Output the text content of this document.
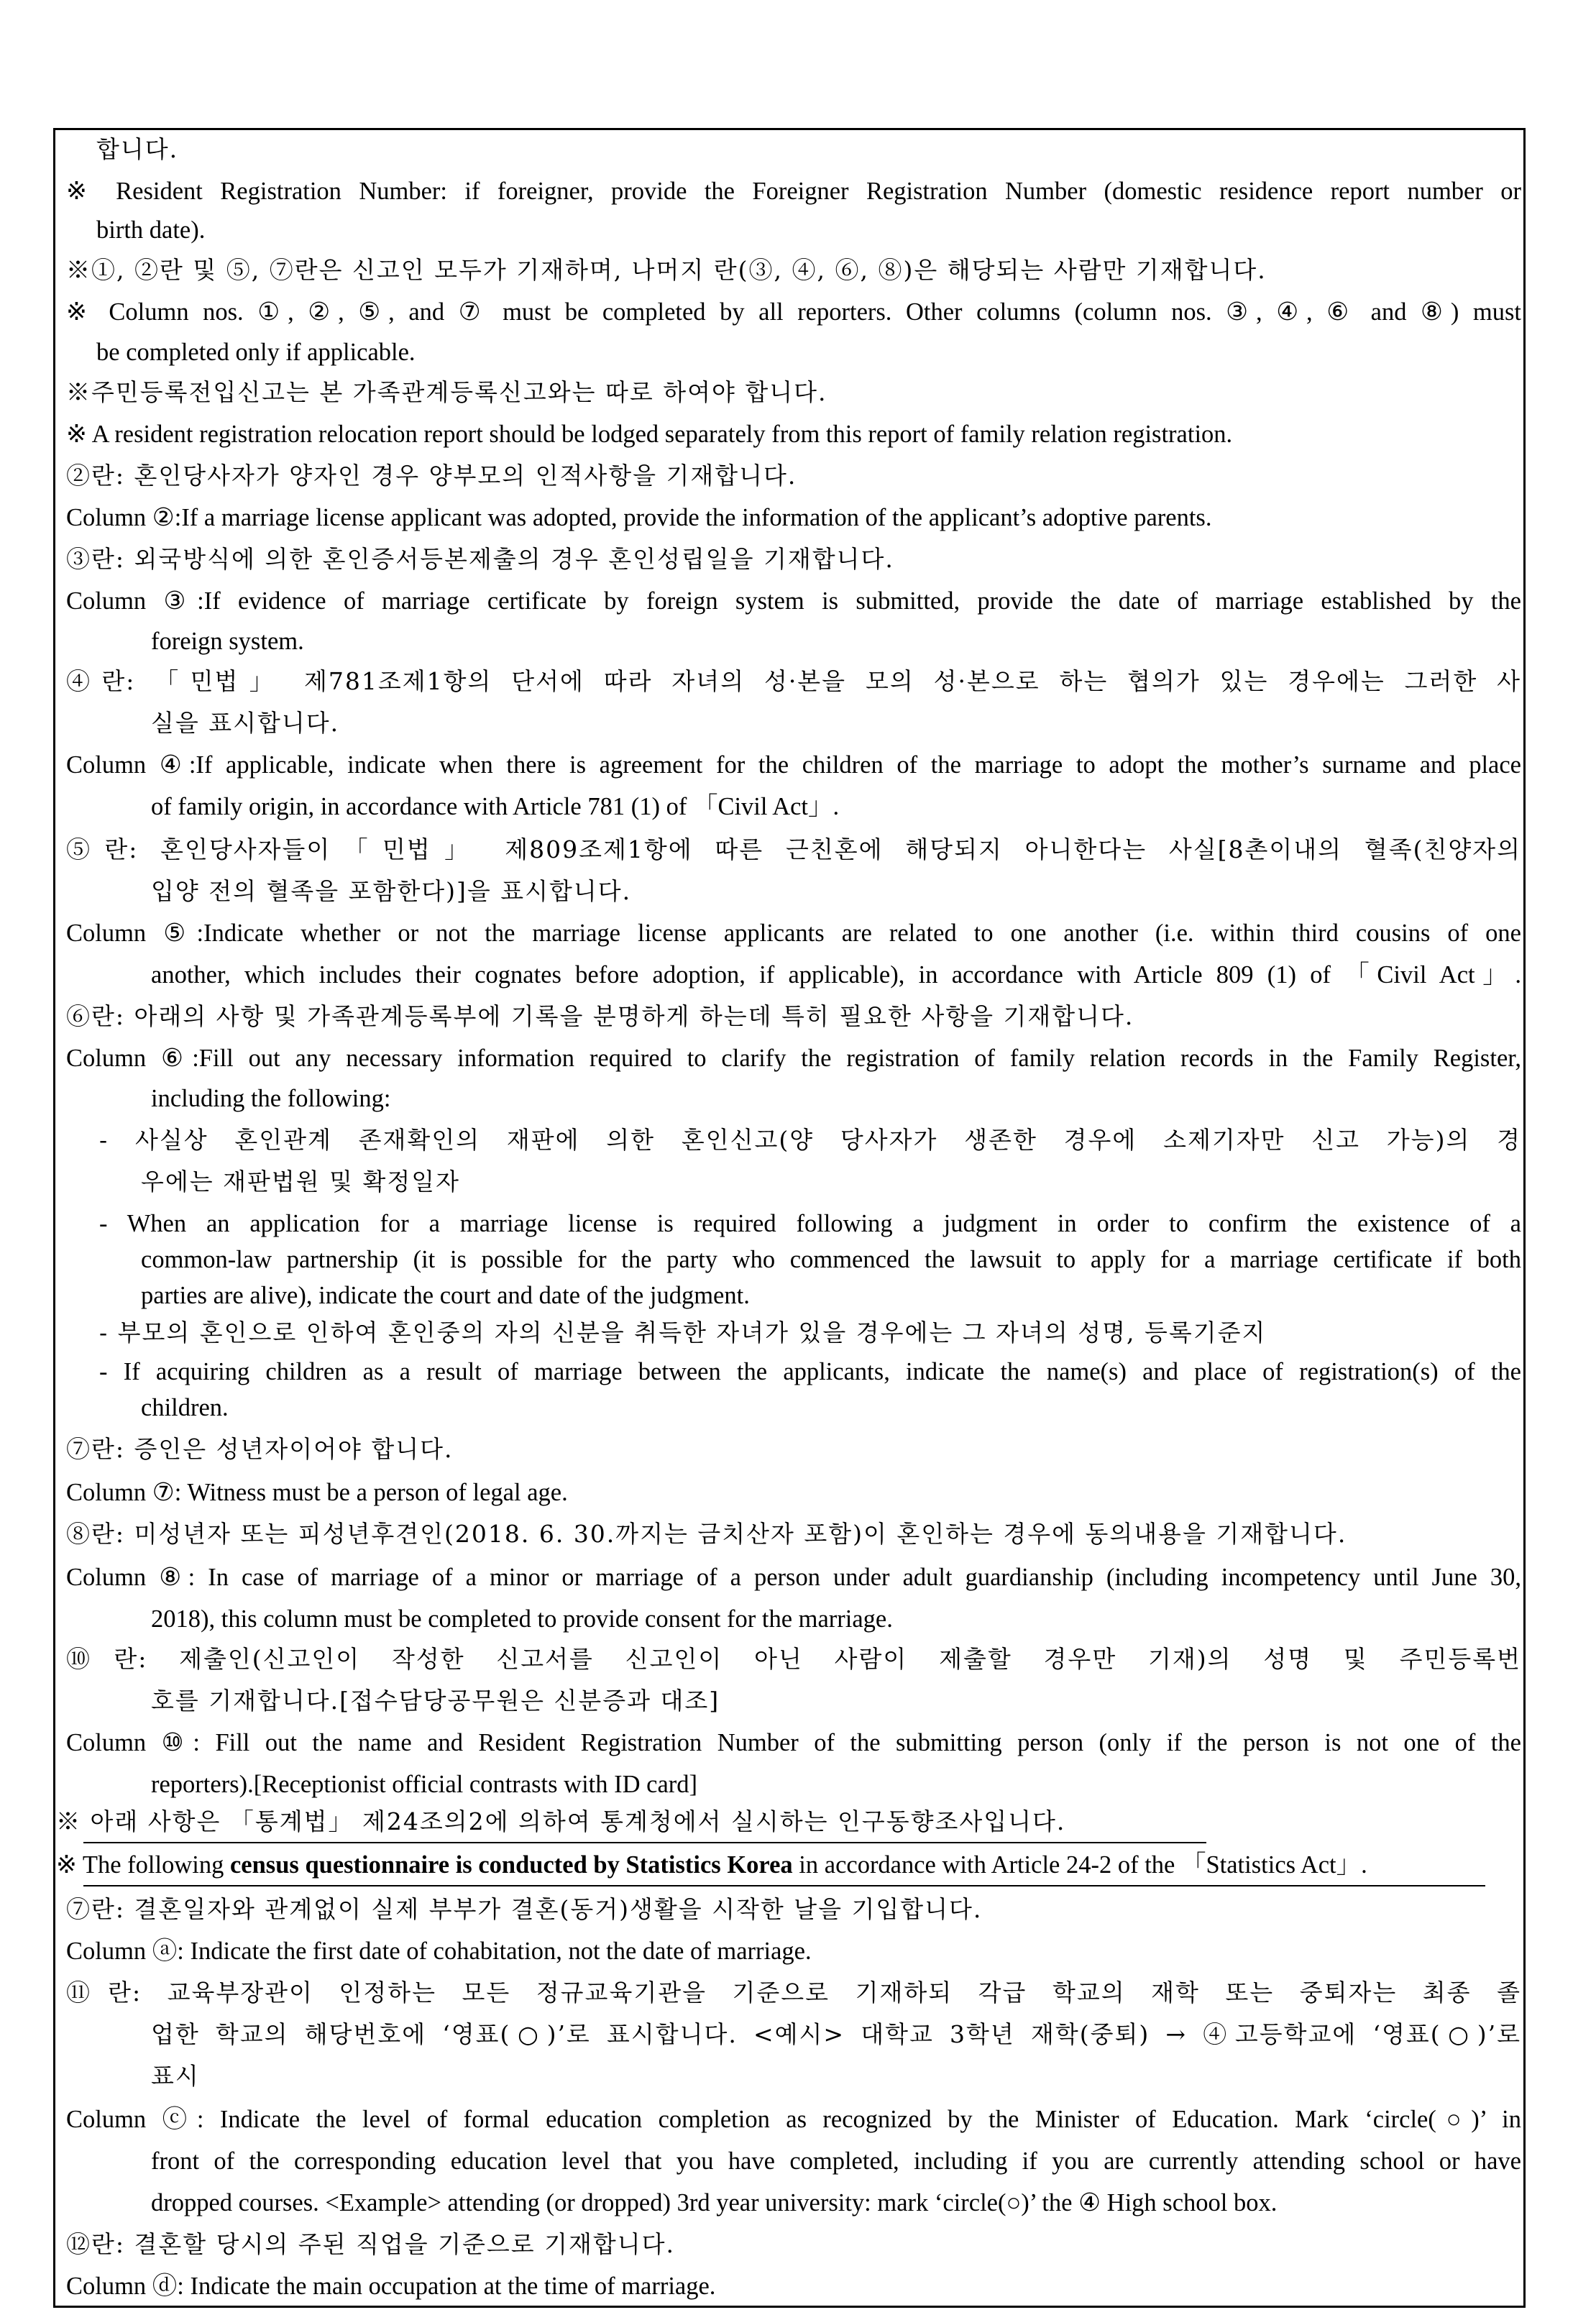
합니다.
※ Resident Registration Number: if foreigner, provide the Foreigner Registration Number (domestic residence report number or
birth date).
※①, ②란 및 ⑤, ⑦란은 신고인 모두가 기재하며, 나머지 란(③, ④, ⑥, ⑧)은 해당되는 사람만 기재합니다.
※ Column nos. ①, ②, ⑤, and ⑦ must be completed by all reporters. Other columns (column nos. ③, ④, ⑥ and ⑧) must
be completed only if applicable.
※주민등록전입신고는 본 가족관계등록신고와는 따로 하여야 합니다.
※ A resident registration relocation report should be lodged separately from this report of family relation registration.
②란: 혼인당사자가 양자인 경우 양부모의 인적사항을 기재합니다.
Column ②:If a marriage license applicant was adopted, provide the information of the applicant’s adoptive parents.
③란: 외국방식에 의한 혼인증서등본제출의 경우 혼인성립일을 기재합니다.
Column ③:If evidence of marriage certificate by foreign system is submitted, provide the date of marriage established by the
foreign system.
④란: 「민법」 제781조제1항의 단서에 따라 자녀의 성·본을 모의 성·본으로 하는 협의가 있는 경우에는 그러한 사
실을 표시합니다.
Column ④:If applicable, indicate when there is agreement for the children of the marriage to adopt the mother’s surname and place
of family origin, in accordance with Article 781 (1) of 「Civil Act」.
⑤란: 혼인당사자들이「민법」 제809조제1항에 따른 근친혼에 해당되지 아니한다는 사실[8촌이내의 혈족(친양자의
입양 전의 혈족을 포함한다)]을 표시합니다.
Column ⑤:Indicate whether or not the marriage license applicants are related to one another (i.e. within third cousins of one
another, which includes their cognates before adoption, if applicable), in accordance with Article 809 (1) of 「Civil Act」.
⑥란: 아래의 사항 및 가족관계등록부에 기록을 분명하게 하는데 특히 필요한 사항을 기재합니다.
Column ⑥:Fill out any necessary information required to clarify the registration of family relation records in the Family Register,
including the following:
- 사실상 혼인관계 존재확인의 재판에 의한 혼인신고(양 당사자가 생존한 경우에 소제기자만 신고 가능)의 경
우에는 재판법원 및 확정일자
- When an application for a marriage license is required following a judgment in order to confirm the existence of a
common-law partnership (it is possible for the party who commenced the lawsuit to apply for a marriage certificate if both
parties are alive), indicate the court and date of the judgment.
- 부모의 혼인으로 인하여 혼인중의 자의 신분을 취득한 자녀가 있을 경우에는 그 자녀의 성명, 등록기준지
- If acquiring children as a result of marriage between the applicants, indicate the name(s) and place of registration(s) of the
children.
⑦란: 증인은 성년자이어야 합니다.
Column ⑦: Witness must be a person of legal age.
⑧란: 미성년자 또는 피성년후견인(2018. 6. 30.까지는 금치산자 포함)이 혼인하는 경우에 동의내용을 기재합니다.
Column ⑧: In case of marriage of a minor or marriage of a person under adult guardianship (including incompetency until June 30,
2018), this column must be completed to provide consent for the marriage.
⑩란: 제출인(신고인이 작성한 신고서를 신고인이 아닌 사람이 제출할 경우만 기재)의 성명 및 주민등록번
호를 기재합니다.[접수담당공무원은 신분증과 대조]
Column ⑩: Fill out the name and Resident Registration Number of the submitting person (only if the person is not one of the
reporters).[Receptionist official contrasts with ID card]
※ 아래 사항은 「통계법」 제24조의2에 의하여 통계청에서 실시하는 인구동향조사입니다.
※ The following census questionnaire is conducted by Statistics Korea in accordance with Article 24-2 of the 「Statistics Act」.
⑦란: 결혼일자와 관계없이 실제 부부가 결혼(동거)생활을 시작한 날을 기입합니다.
Column ⓐ: Indicate the first date of cohabitation, not the date of marriage.
⑪란: 교육부장관이 인정하는 모든 정규교육기관을 기준으로 기재하되 각급 학교의 재학 또는 중퇴자는 최종 졸
업한 학교의 해당번호에 ‘영표(○)’로 표시합니다. <예시> 대학교 3학년 재학(중퇴) → ④고등학교에 ‘영표(○)’로
표시
Column ⓒ: Indicate the level of formal education completion as recognized by the Minister of Education. Mark ‘circle(○)’ in
front of the corresponding education level that you have completed, including if you are currently attending school or have
dropped courses. <Example> attending (or dropped) 3rd year university: mark ‘circle(○)’ the ④ High school box.
⑫란: 결혼할 당시의 주된 직업을 기준으로 기재합니다.
Column ⓓ: Indicate the main occupation at the time of marriage.
